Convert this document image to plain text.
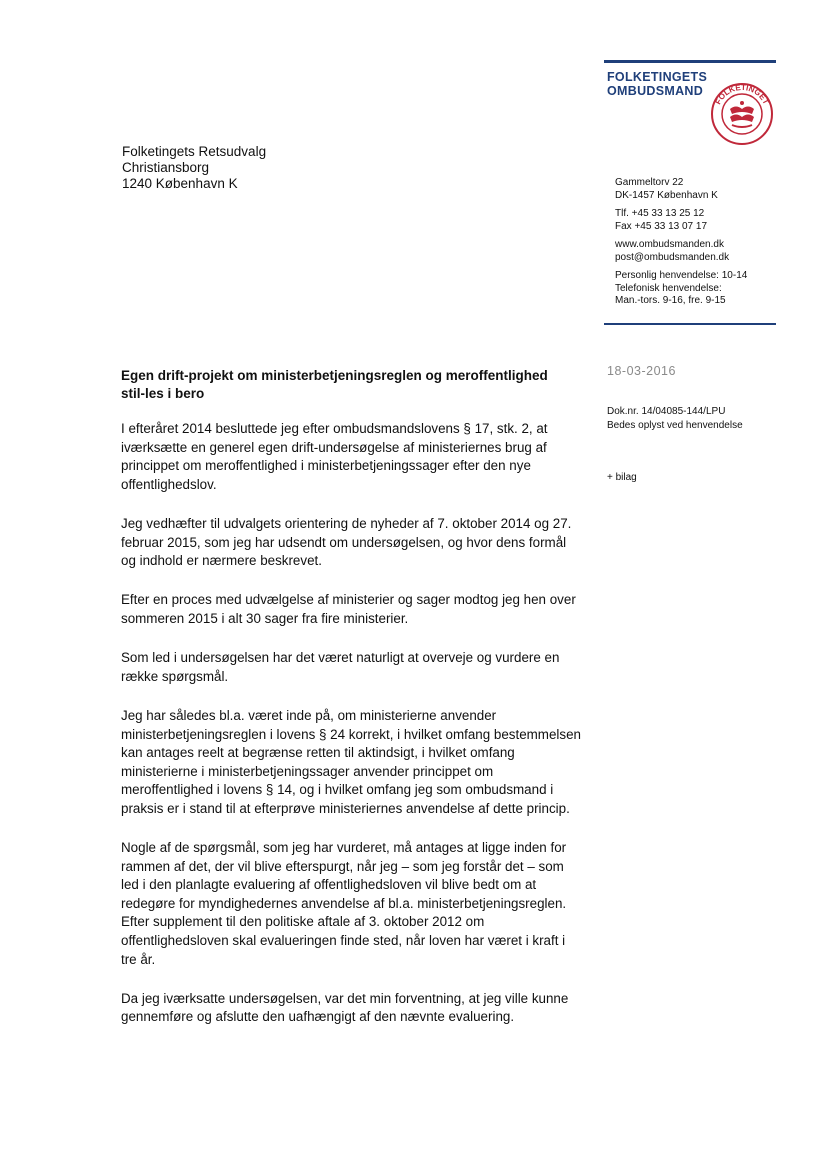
FOLKETINGETS
OMBUDSMAND
FOLKETINGET
Folketingets Retsudvalg
Christiansborg
1240 København K	Gammeltorv 22
DK-1457 København K
Tlf. +45 33 13 25 12
Fax +45 33 13 07 17
www.ombudsmanden.dk
post@ombudsmanden.dk
Personlig henvendelse: 10-14
Telefonisk henvendelse:
Man.-tors. 9-16, fre. 9-15
18-03-2016
Dok.nr. 14/04085-144/LPU
Bedes oplyst ved henvendelse
+ bilag
Egen drift-projekt om ministerbetjeningsreglen og meroffentlighed stil-les i bero

I efteråret 2014 besluttede jeg efter ombudsmandslovens § 17, stk. 2, at iværksætte en generel egen drift-undersøgelse af ministeriernes brug af princippet om meroffentlighed i ministerbetjeningssager efter den nye offentlighedslov.

Jeg vedhæfter til udvalgets orientering de nyheder af 7. oktober 2014 og 27. februar 2015, som jeg har udsendt om undersøgelsen, og hvor dens formål og indhold er nærmere beskrevet.

Efter en proces med udvælgelse af ministerier og sager modtog jeg hen over sommeren 2015 i alt 30 sager fra fire ministerier.

Som led i undersøgelsen har det været naturligt at overveje og vurdere en række spørgsmål.

Jeg har således bl.a. været inde på, om ministerierne anvender ministerbetjeningsreglen i lovens § 24 korrekt, i hvilket omfang bestemmelsen kan antages reelt at begrænse retten til aktindsigt, i hvilket omfang ministerierne i ministerbetjeningssager anvender princippet om meroffentlighed i lovens § 14, og i hvilket omfang jeg som ombudsmand i praksis er i stand til at efterprøve ministeriernes anvendelse af dette princip.

Nogle af de spørgsmål, som jeg har vurderet, må antages at ligge inden for rammen af det, der vil blive efterspurgt, når jeg – som jeg forstår det – som led i den planlagte evaluering af offentlighedsloven vil blive bedt om at redegøre for myndighedernes anvendelse af bl.a. ministerbetjeningsreglen. Efter supplement til den politiske aftale af 3. oktober 2012 om offentlighedsloven skal evalueringen finde sted, når loven har været i kraft i tre år.

Da jeg iværksatte undersøgelsen, var det min forventning, at jeg ville kunne gennemføre og afslutte den uafhængigt af den nævnte evaluering.
